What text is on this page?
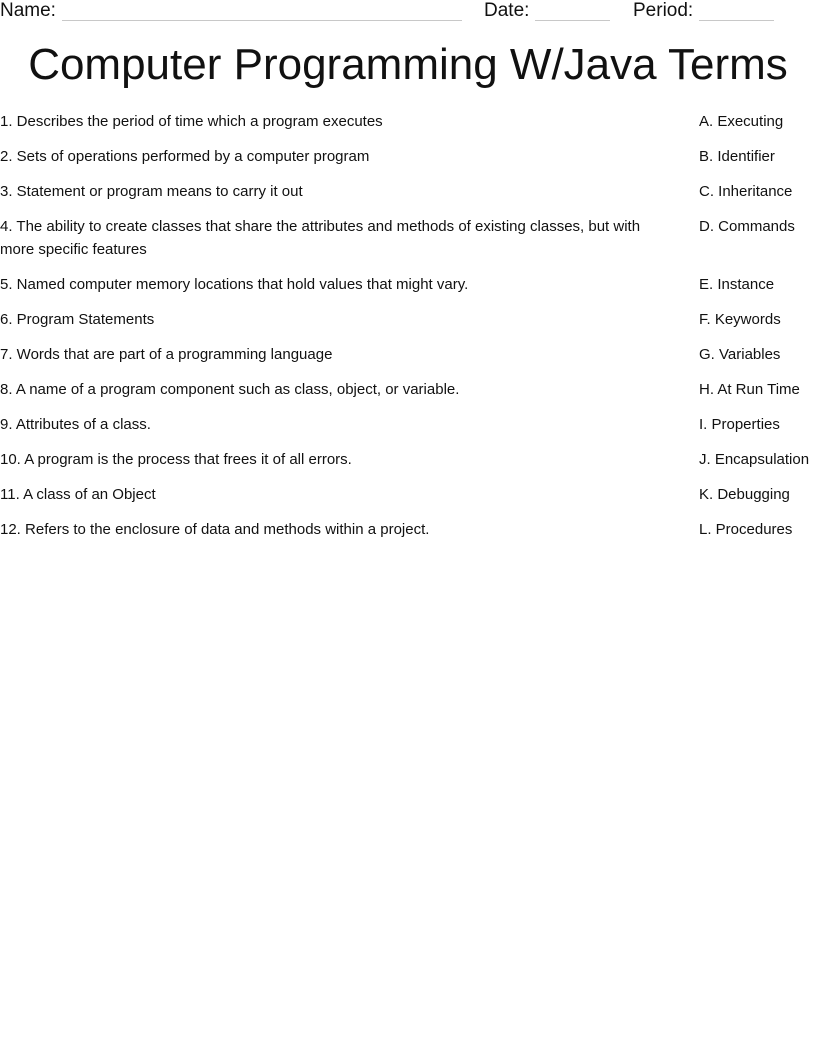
Name:	Date:	Period:
Computer Programming W/Java Terms
1. Describes the period of time which a program executes	A. Executing
2. Sets of operations performed by a computer program	B. Identifier
3. Statement or program means to carry it out	C. Inheritance
4. The ability to create classes that share the attributes and methods of existing classes, but with more specific features
D. Commands
5. Named computer memory locations that hold values that might vary.	E. Instance
6. Program Statements	F. Keywords
7. Words that are part of a programming language	G. Variables
8. A name of a program component such as class, object, or variable.	H. At Run Time
9. Attributes of a class.	I. Properties
10. A program is the process that frees it of all errors.	J. Encapsulation
11. A class of an Object	K. Debugging
12. Refers to the enclosure of data and methods within a project.	L. Procedures
